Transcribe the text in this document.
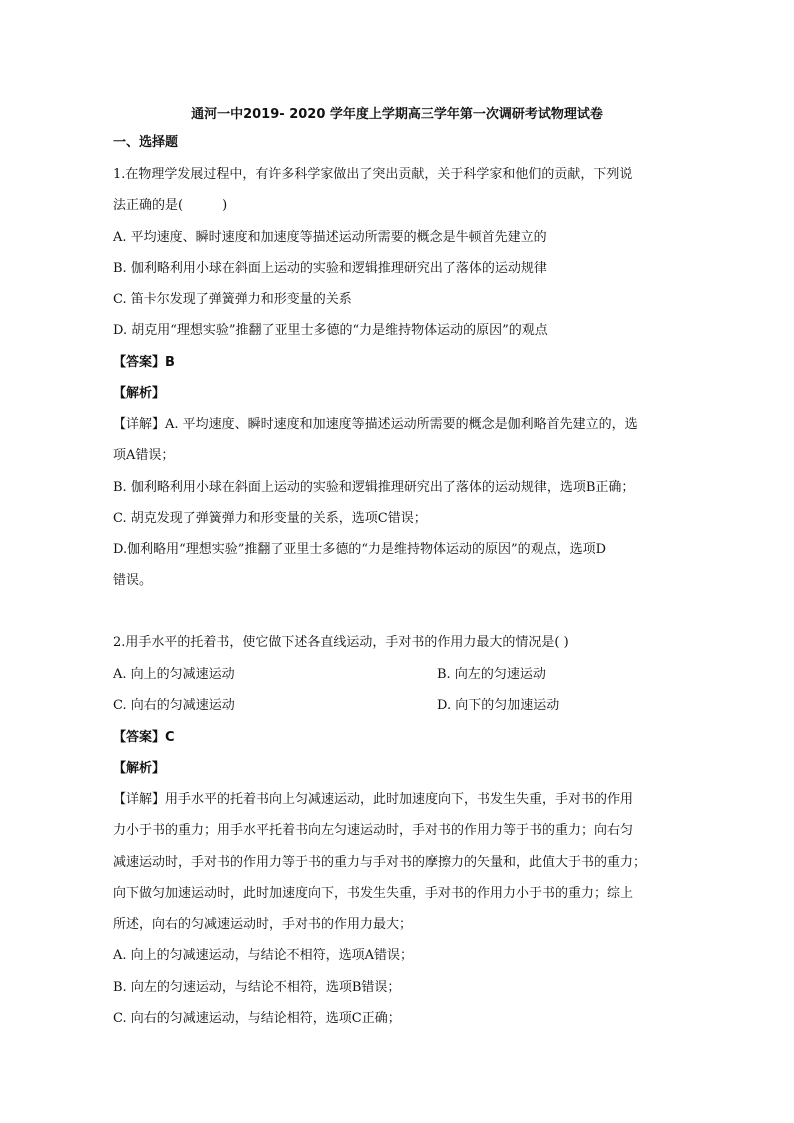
通河一中2019- 2020 学年度上学期高三学年第一次调研考试物理试卷
一、选择题
1.在物理学发展过程中，有许多科学家做出了突出贡献，关于科学家和他们的贡献，下列说
法正确的是(　　　)
A. 平均速度、瞬时速度和加速度等描述运动所需要的概念是牛顿首先建立的
B. 伽利略利用小球在斜面上运动的实验和逻辑推理研究出了落体的运动规律
C. 笛卡尔发现了弹簧弹力和形变量的关系
D. 胡克用“理想实验”推翻了亚里士多德的“力是维持物体运动的原因”的观点
【答案】B
【解析】
【详解】A. 平均速度、瞬时速度和加速度等描述运动所需要的概念是伽利略首先建立的，选
项A错误；
B. 伽利略利用小球在斜面上运动的实验和逻辑推理研究出了落体的运动规律，选项B正确；
C. 胡克发现了弹簧弹力和形变量的关系，选项C错误；
D.伽利略用“理想实验”推翻了亚里士多德的“力是维持物体运动的原因”的观点，选项D
错误。
2.用手水平的托着书，使它做下述各直线运动，手对书的作用力最大的情况是( )
A. 向上的匀减速运动	B. 向左的匀速运动
C. 向右的匀减速运动	D. 向下的匀加速运动
【答案】C
【解析】
【详解】用手水平的托着书向上匀减速运动，此时加速度向下，书发生失重，手对书的作用
力小于书的重力；用手水平托着书向左匀速运动时，手对书的作用力等于书的重力；向右匀
减速运动时，手对书的作用力等于书的重力与手对书的摩擦力的矢量和，此值大于书的重力；
向下做匀加速运动时，此时加速度向下，书发生失重，手对书的作用力小于书的重力；综上
所述，向右的匀减速运动时，手对书的作用力最大；
A. 向上的匀减速运动，与结论不相符，选项A错误；
B. 向左的匀速运动，与结论不相符，选项B错误；
C. 向右的匀减速运动，与结论相符，选项C正确；
